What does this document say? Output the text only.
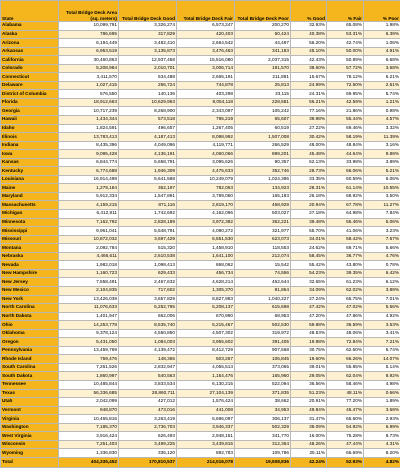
State	Total Bridge Deck Area (sq. meters)	Total Bridge Deck Good	Total Bridge Deck Fair	Total Bridge Deck Poor	% Good	% Fair	% Poor
Alabama	10,099,791	3,326,274	6,573,247	200,270	32.93%	65.08%	1.98%
Alaska	786,695	317,829	420,403	50,424	40.38%	53.31%	6.39%
Arizona	6,194,449	3,482,410	2,664,542	44,497	56.20%	42.74%	1.06%
Arkansas	6,953,519	3,135,873	3,476,463	341,183	45.10%	50.00%	4.91%
California	30,460,863	12,937,468	15,516,080	2,037,315	42.43%	50.89%	6.68%
Colorado	5,208,984	2,010,701	3,006,714	191,570	38.60%	57.72%	3.68%
Connecticut	3,411,570	534,488	2,665,191	211,891	15.67%	78.12%	6.21%
Delaware	1,027,415	256,724	744,878	25,813	24.99%	72.50%	2.51%
District of Columbia	576,550	140,136	403,298	33,115	24.31%	69.95%	5.74%
Florida	18,912,663	10,629,963	8,054,118	228,581	56.21%	42.59%	1.21%
Georgia	10,717,239	8,268,900	2,343,097	105,242	77.16%	21.86%	0.98%
Hawaii	1,434,344	573,518	795,219	65,607	39.98%	55.44%	4.57%
Idaho	1,824,591	496,657	1,267,405	60,519	27.22%	69.46%	3.32%
Illinois	13,783,413	4,187,413	8,098,992	1,507,008	30.42%	58.19%	11.39%
Indiana	8,435,396	4,049,096	4,119,771	266,529	48.00%	48.84%	3.16%
Iowa	9,095,428	4,136,191	4,060,066	899,201	45.48%	44.64%	9.88%
Kansas	6,844,774	5,658,791	3,095,626	90,357	62.13%	33.98%	3.89%
Kentucky	6,774,688	1,946,309	4,475,633	352,746	28.73%	66.06%	5.21%
Louisiana	16,914,498	5,641,588	10,249,079	1,024,386	33.35%	60.59%	6.06%
Maine	1,279,184	362,197	782,063	134,923	28.31%	61.14%	10.55%
Maryland	5,912,334	1,547,891	3,789,060	165,183	26.18%	68.92%	3.50%
Massachusetts	4,159,215	871,116	2,819,170	468,929	20.94%	67.78%	11.27%
Michigan	6,412,811	1,742,692	4,162,096	503,027	27.18%	64.98%	7.84%
Minnesota	7,162,792	2,828,189	3,972,382	362,221	39.48%	55.46%	5.06%
Mississippi	9,961,041	5,548,791	4,090,272	321,977	55.70%	41.06%	3.23%
Missouri	10,872,032	3,697,429	6,551,530	623,073	34.01%	58.42%	7.57%
Montana	2,092,784	515,320	1,458,910	118,553	24.62%	69.71%	5.66%
Nebraska	4,466,611	2,610,538	1,641,100	212,074	58.45%	36.77%	4.76%
Nevada	1,982,018	1,098,413	868,062	15,542	55.42%	43.80%	0.78%
New Hampshire	1,160,723	629,433	456,734	74,556	54.23%	39.35%	6.42%
New Jersey	7,558,491	2,467,632	4,628,214	462,644	32.65%	61.23%	6.12%
New Mexico	2,104,835	717,602	1,305,370	81,864	34.09%	62.02%	3.89%
New York	13,426,039	3,657,829	8,827,983	1,040,227	27.24%	65.75%	7.01%
North Carolina	11,076,633	5,252,795	5,208,137	615,698	47.42%	47.02%	5.56%
North Dakota	1,401,947	662,006	670,990	68,953	47.20%	47.86%	4.92%
Ohio	14,253,778	8,535,740	5,215,467	502,530	59.88%	36.59%	3.53%
Oklahoma	9,378,124	4,550,850	4,507,302	319,972	48.53%	48.06%	3.41%
Oregon	5,431,050	1,084,003	3,955,602	391,405	19.98%	72.84%	7.21%
Pennsylvania	13,459,769	4,139,472	8,412,729	907,568	30.75%	62.50%	6.74%
Rhode Island	759,476	148,365	503,267	106,845	19.60%	66.26%	14.07%
South Carolina	7,261,526	2,832,947	4,055,513	373,065	39.01%	55.85%	5.14%
South Dakota	1,860,997	540,563	1,154,476	165,960	29.05%	62.04%	8.92%
Tennessee	10,485,844	3,833,534	6,130,215	522,094	36.56%	58.46%	4.98%
Texas	56,336,685	28,860,711	27,104,139	371,835	51.23%	48.11%	0.66%
Utah	2,042,099	427,012	1,576,424	38,662	20.91%	77.20%	1.89%
Vermont	948,870	473,016	441,008	34,953	49.84%	46.47%	3.68%
Virginia	10,465,816	3,263,419	6,696,097	306,137	31.47%	65.60%	2.93%
Washington	7,185,370	2,736,703	3,946,337	502,329	38.09%	54.92%	6.99%
West Virginia	3,916,424	626,493	2,948,161	341,770	16.00%	75.28%	8.73%
Wisconsin	7,251,403	3,499,225	3,439,815	312,364	48.26%	47.44%	4.31%
Wyoming	1,336,830	336,120	892,783	109,786	25.11%	66.69%	8.20%
Total	404,335,452	170,810,537	214,016,078	19,508,836	42.24%	52.93%	4.82%
